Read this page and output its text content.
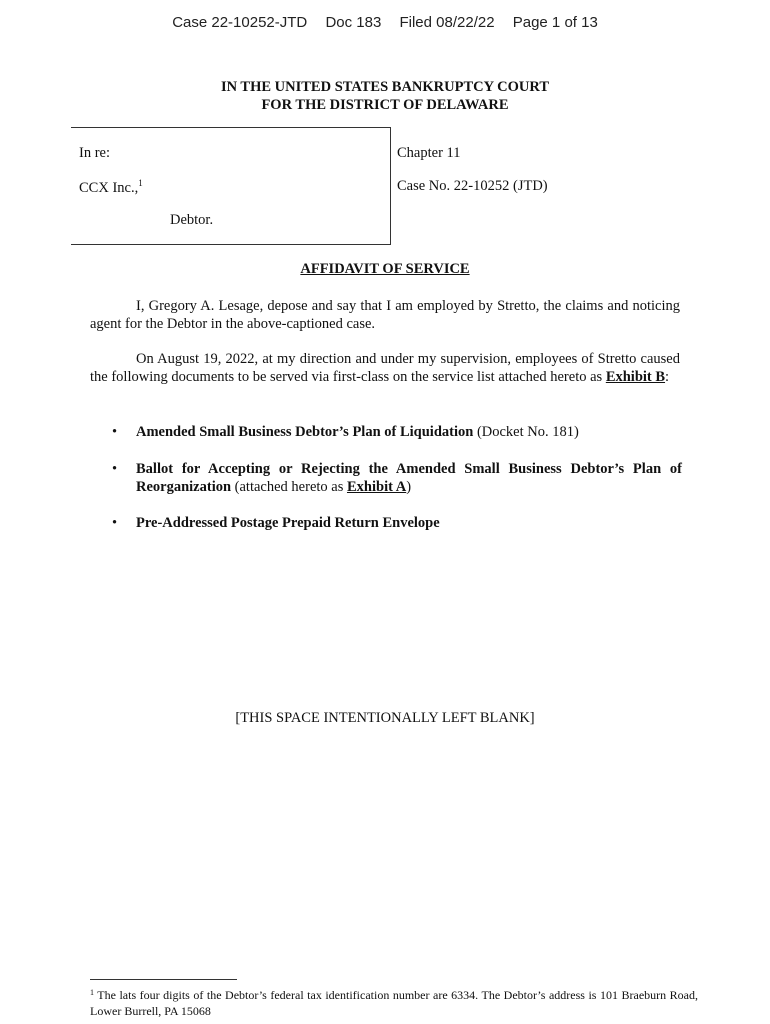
Case 22-10252-JTD Doc 183 Filed 08/22/22 Page 1 of 13
IN THE UNITED STATES BANKRUPTCY COURT
FOR THE DISTRICT OF DELAWARE
In re:
CCX Inc.,$^1$
Debtor.
Chapter 11
Case No. 22-10252 (JTD)
AFFIDAVIT OF SERVICE
I, Gregory A. Lesage, depose and say that I am employed by Stretto, the claims and noticing agent for the Debtor in the above-captioned case.
On August 19, 2022, at my direction and under my supervision, employees of Stretto caused the following documents to be served via first-class on the service list attached hereto as Exhibit B:
• Amended Small Business Debtor’s Plan of Liquidation (Docket No. 181)
• Ballot for Accepting or Rejecting the Amended Small Business Debtor’s Plan of Reorganization (attached hereto as Exhibit A)
• Pre-Addressed Postage Prepaid Return Envelope
[THIS SPACE INTENTIONALLY LEFT BLANK]
$^1$ The lats four digits of the Debtor’s federal tax identification number are 6334. The Debtor’s address is 101 Braeburn Road, Lower Burrell, PA 15068
